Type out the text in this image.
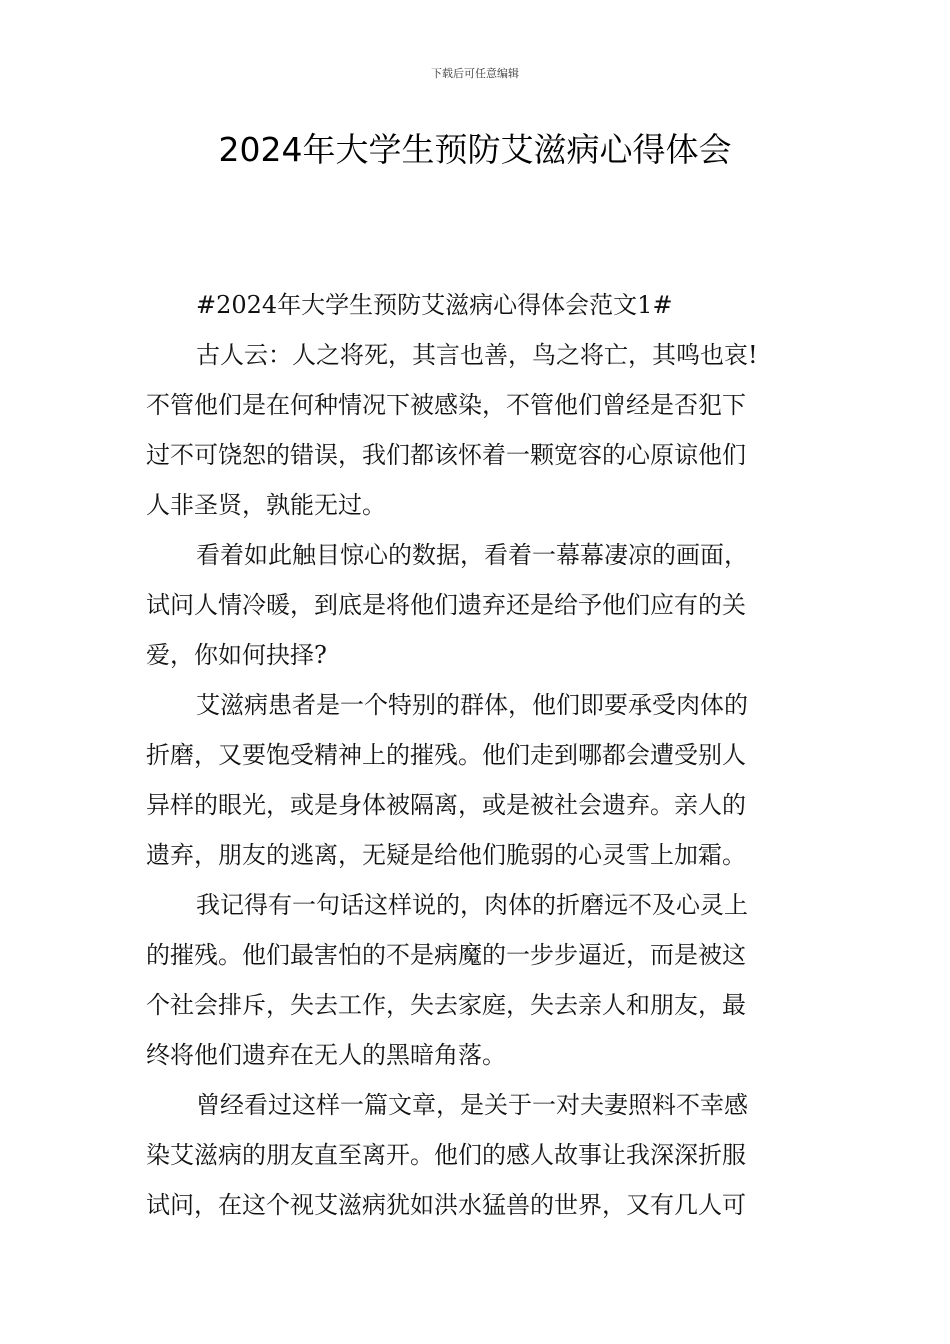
下载后可任意编辑
2024年大学生预防艾滋病心得体会
#2024年大学生预防艾滋病心得体会范文1#
古人云：人之将死，其言也善，鸟之将亡，其鸣也哀!
不管他们是在何种情况下被感染，不管他们曾经是否犯下
过不可饶恕的错误，我们都该怀着一颗宽容的心原谅他们
人非圣贤，孰能无过。
看着如此触目惊心的数据，看着一幕幕凄凉的画面，
试问人情冷暖，到底是将他们遗弃还是给予他们应有的关
爱，你如何抉择?
艾滋病患者是一个特别的群体，他们即要承受肉体的
折磨，又要饱受精神上的摧残。他们走到哪都会遭受别人
异样的眼光，或是身体被隔离，或是被社会遗弃。亲人的
遗弃，朋友的逃离，无疑是给他们脆弱的心灵雪上加霜。
我记得有一句话这样说的，肉体的折磨远不及心灵上
的摧残。他们最害怕的不是病魔的一步步逼近，而是被这
个社会排斥，失去工作，失去家庭，失去亲人和朋友，最
终将他们遗弃在无人的黑暗角落。
曾经看过这样一篇文章，是关于一对夫妻照料不幸感
染艾滋病的朋友直至离开。他们的感人故事让我深深折服
试问，在这个视艾滋病犹如洪水猛兽的世界，又有几人可
